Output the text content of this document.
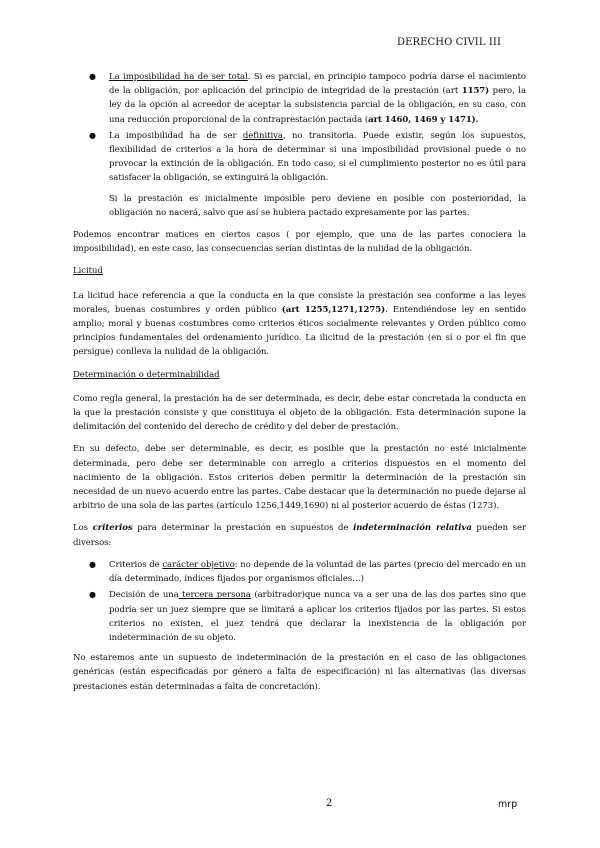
DERECHO CIVIL III
● La imposibilidad ha de ser total. Si es parcial, en principio tampoco podría darse el nacimiento de la obligación, por aplicación del principio de integridad de la prestación (art 1157) pero, la ley da la opción al acreedor de aceptar la subsistencia parcial de la obligación, en su caso, con una reducción proporcional de la contraprestación pactada (art 1460, 1469 y 1471).
● La imposibilidad ha de ser definitiva, no transitoria. Puede existir, según los supuestos, flexibilidad de criterios a la hora de determinar si una imposibilidad provisional puede o no provocar la extinción de la obligación. En todo caso, si el cumplimiento posterior no es útil para satisfacer la obligación, se extinguirá la obligación.

Si la prestación es inicialmente imposible pero deviene en posible con posterioridad, la obligación no nacerá, salvo que así se hubiera pactado expresamente por las partes.

Podemos encontrar matices en ciertos casos ( por ejemplo, que una de las partes conociera la imposibilidad), en este caso, las consecuencias serían distintas de la nulidad de la obligación.

Licitud

La licitud hace referencia a que la conducta en la que consiste la prestación sea conforme a las leyes morales, buenas costumbres y orden público (art 1255,1271,1275). Entendiéndose ley en sentido amplio; moral y buenas costumbres como criterios éticos socialmente relevantes y Orden público como principios fundamentales del ordenamiento jurídico. La ilicitud de la prestación (en sí o por el fin que persigue) conlleva la nulidad de la obligación.

Determinación o determinabilidad

Como regla general, la prestación ha de ser determinada, es decir, debe estar concretada la conducta en la que la prestación consiste y que constituya el objeto de la obligación. Esta determinación supone la delimitación del contenido del derecho de crédito y del deber de prestación.

En su defecto, debe ser determinable, es decir, es posible que la prestación no esté inicialmente determinada, pero debe ser determinable con arreglo a criterios dispuestos en el momento del nacimiento de la obligación. Estos criterios deben permitir la determinación de la prestación sin necesidad de un nuevo acuerdo entre las partes. Cabe destacar que la determinación no puede dejarse al arbitrio de una sola de las partes (artículo 1256,1449,1690) ni al posterior acuerdo de éstas (1273).

Los criterios para determinar la prestación en supuestos de indeterminación relativa pueden ser diversos:

● Criterios de carácter objetivo: no depende de la voluntad de las partes (precio del mercado en un día determinado, índices fijados por organismos oficiales…)
● Decisión de una tercera persona (arbitrador)que nunca va a ser una de las dos partes sino que podría ser un juez siempre que se limitará a aplicar los criterios fijados por las partes. Si estos criterios no existen, el juez tendrá que declarar la inexistencia de la obligación por indeterminación de su objeto.

No estaremos ante un supuesto de indeterminación de la prestación en el caso de las obligaciones genéricas (están especificadas por género a falta de especificación) ni las alternativas (las diversas prestaciones están determinadas a falta de concretación).

2	mrp
